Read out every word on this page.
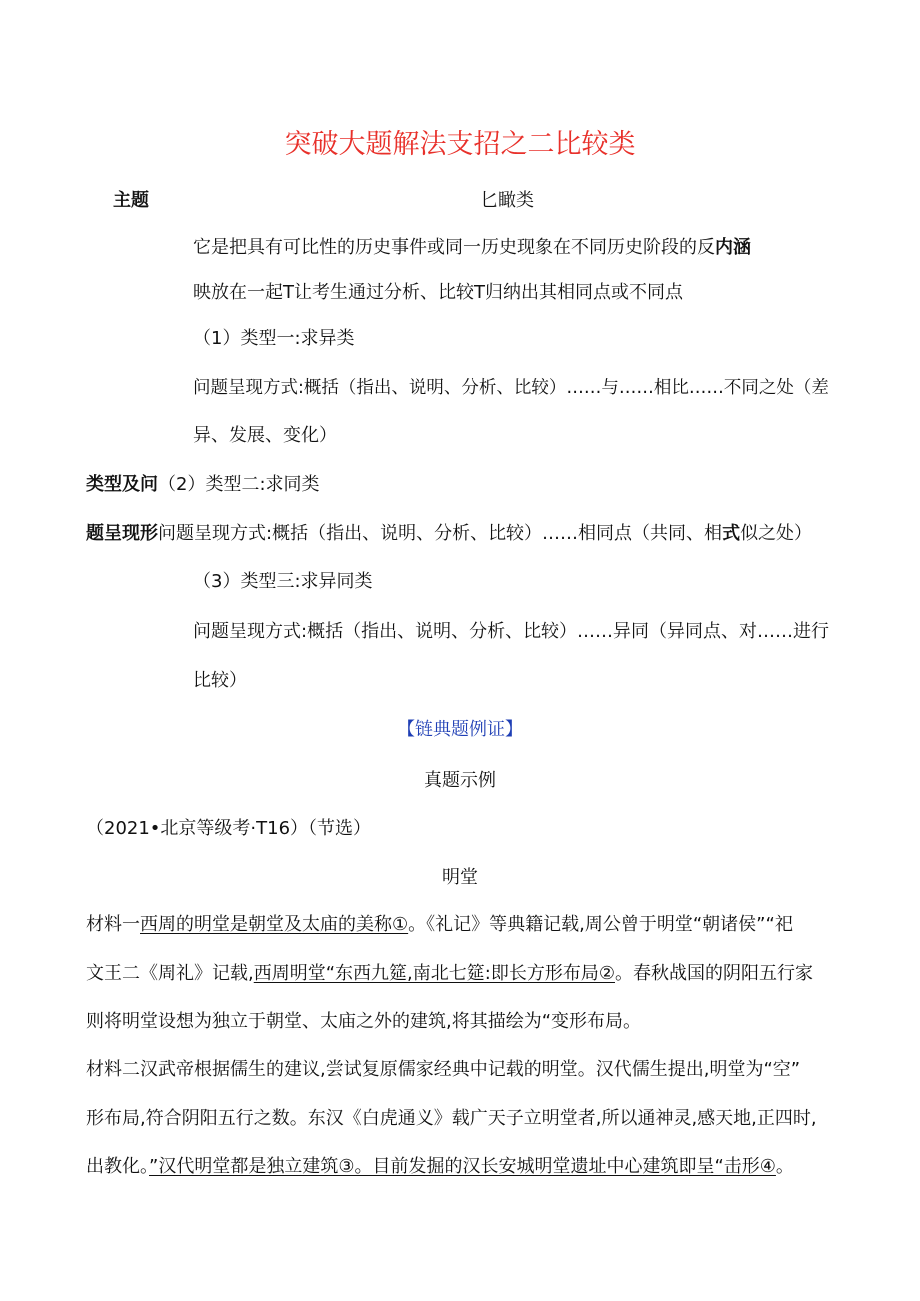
突破大题解法支招之二比较类
主题	匕瞰类
它是把具有可比性的历史事件或同一历史现象在不同历史阶段的反内涵
映放在一起T让考生通过分析、比较T归纳出其相同点或不同点
（1）类型一:求异类
问题呈现方式:概括（指出、说明、分析、比较）……与……相比……不同之处（差
异、发展、变化）
类型及问（2）类型二:求同类
题呈现形问题呈现方式:概括（指出、说明、分析、比较）……相同点（共同、相式似之处）
（3）类型三:求异同类
问题呈现方式:概括（指出、说明、分析、比较）……异同（异同点、对……进行
比较）
【链典题例证】
真题示例
（2021•北京等级考·T16）（节选）
明堂
材料一西周的明堂是朝堂及太庙的美称①。《礼记》等典籍记载,周公曾于明堂“朝诸侯”“祀
文王二《周礼》记载,西周明堂“东西九筵,南北七筵:即长方形布局②。春秋战国的阴阳五行家
则将明堂设想为独立于朝堂、太庙之外的建筑,将其描绘为“变形布局。
材料二汉武帝根据儒生的建议,尝试复原儒家经典中记载的明堂。汉代儒生提出,明堂为“空”
形布局,符合阴阳五行之数。东汉《白虎通义》载广天子立明堂者,所以通神灵,感天地,正四时,
出教化。”汉代明堂都是独立建筑③。目前发掘的汉长安城明堂遗址中心建筑即呈“击形④。
